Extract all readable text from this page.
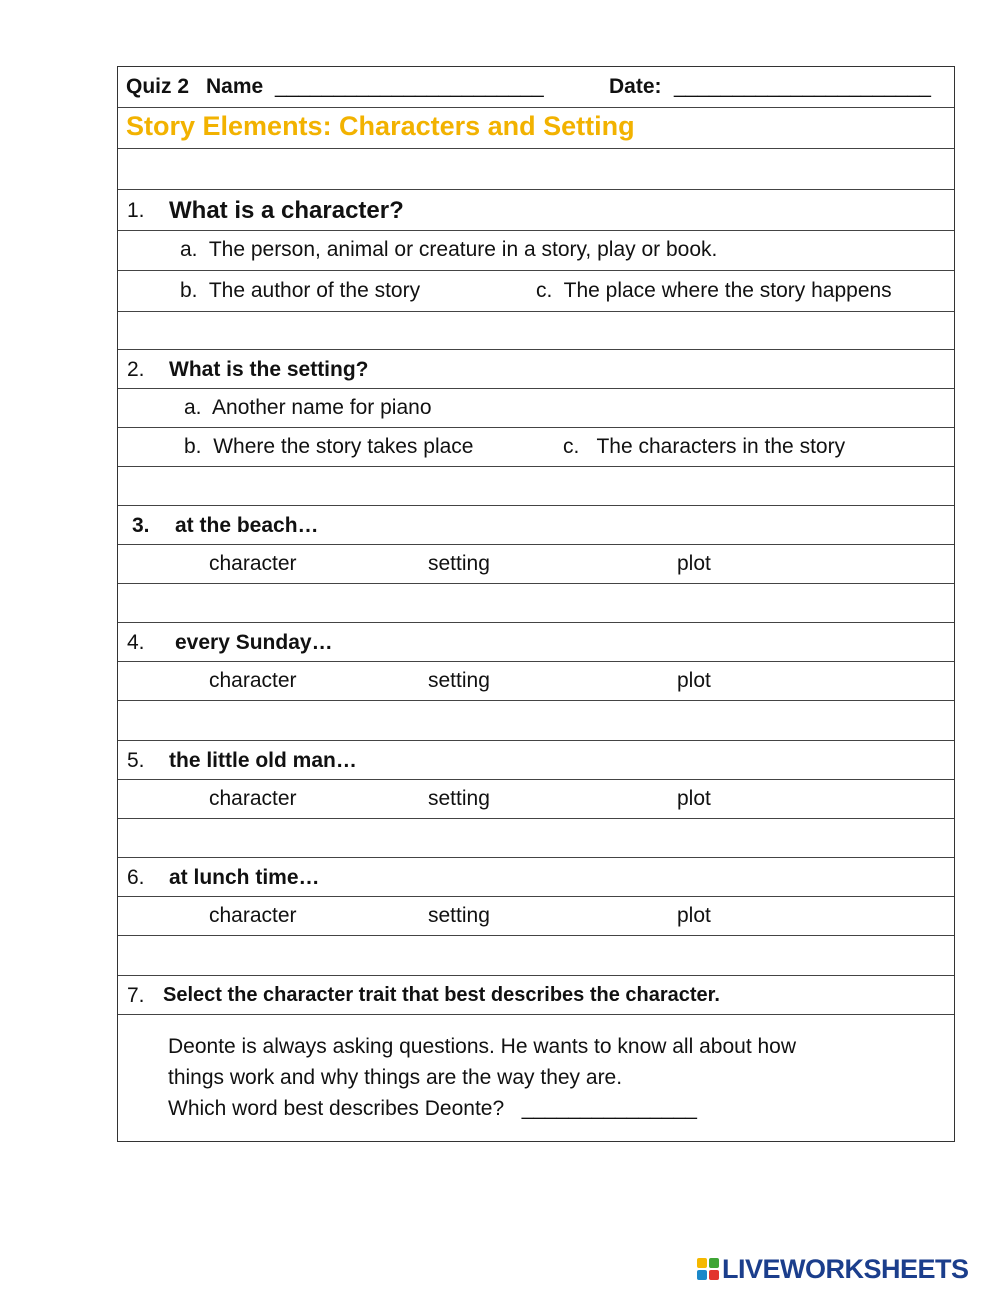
Quiz 2 Name _______________________	Date: ______________________
Story Elements: Characters and Setting
1. What is a character?
a. The person, animal or creature in a story, play or book.
b. The author of the story	c. The place where the story happens
2. What is the setting?
a. Another name for piano
b. Where the story takes place	c. The characters in the story
3. at the beach…
character	setting	plot
4. every Sunday…
character	setting	plot
5. the little old man…
character	setting	plot
6. at lunch time…
character	setting	plot
7. Select the character trait that best describes the character.

Deonte is always asking questions. He wants to know all about how

things work and why things are the way they are.

Which word best describes Deonte? _______________

LIVEWORKSHEETS
